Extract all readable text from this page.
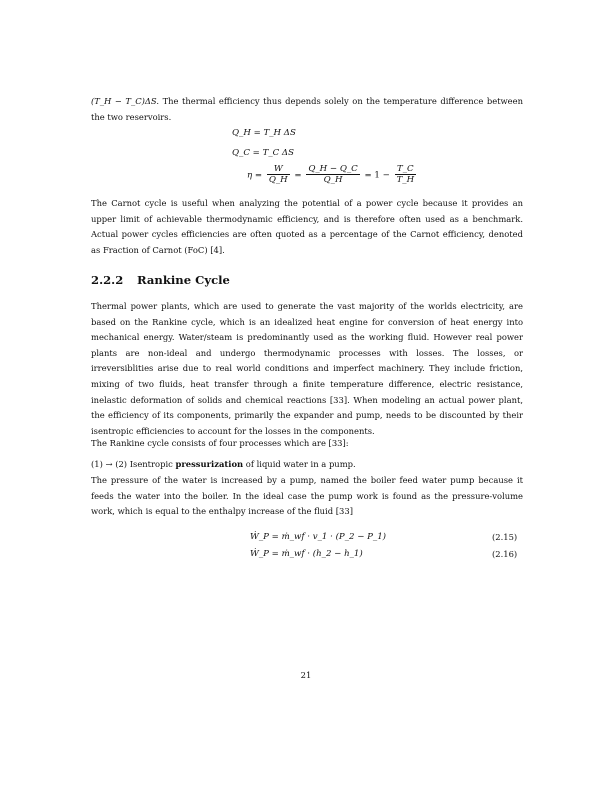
(T_H − T_C)ΔS. The thermal efficiency thus depends solely on the temperature difference between the two reservoirs.

Q_H = T_H ΔS
Q_C = T_C ΔS
$\eta = \frac{W}{Q\_H} = \frac{Q\_H - Q\_C}{Q\_H} = 1 - \frac{T\_C}{T\_H}$

The Carnot cycle is useful when analyzing the potential of a power cycle because it provides an upper limit of achievable thermodynamic efficiency, and is therefore often used as a benchmark. Actual power cycles efficiencies are often quoted as a percentage of the Carnot efficiency, denoted as Fraction of Carnot (FoC) [4].

2.2.2 Rankine Cycle

Thermal power plants, which are used to generate the vast majority of the worlds electricity, are based on the Rankine cycle, which is an idealized heat engine for conversion of heat energy into mechanical energy. Water/steam is predominantly used as the working fluid. However real power plants are non-ideal and undergo thermodynamic processes with losses. The losses, or irreversiblities arise due to real world conditions and imperfect machinery. They include friction, mixing of two fluids, heat transfer through a finite temperature difference, electric resistance, inelastic deformation of solids and chemical reactions [33]. When modeling an actual power plant, the efficiency of its components, primarily the expander and pump, needs to be discounted by their isentropic efficiencies to account for the losses in the components.

The Rankine cycle consists of four processes which are [33]:

(1) → (2) Isentropic pressurization of liquid water in a pump.

The pressure of the water is increased by a pump, named the boiler feed water pump because it feeds the water into the boiler. In the ideal case the pump work is found as the pressure-volume work, which is equal to the enthalpy increase of the fluid [33]

Ẇ_P = ṁ_wf · v_1 · (P_2 − P_1)	(2.15)
Ẇ_P = ṁ_wf · (h_2 − h_1)	(2.16)
21
